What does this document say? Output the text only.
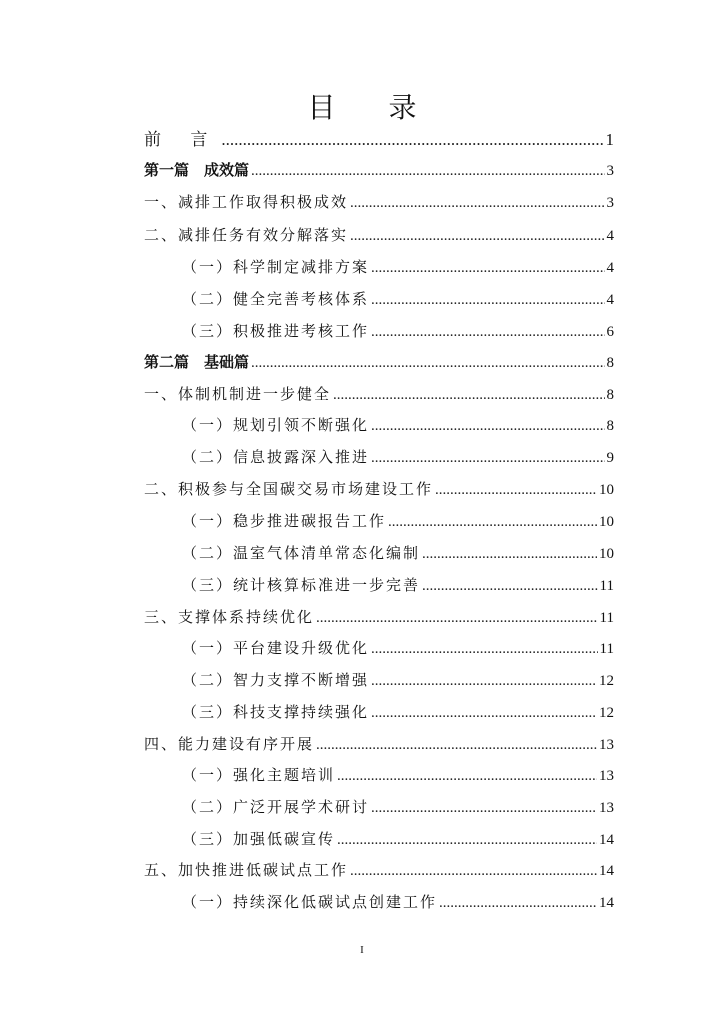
目 录
前 言 .....	1
第一篇　成效篇 .....	3
一、减排工作取得积极成效 .....	3
二、减排任务有效分解落实 .....	4
（一）科学制定减排方案 .....	4
（二）健全完善考核体系 .....	4
（三）积极推进考核工作 .....	6
第二篇　基础篇 .....	8
一、体制机制进一步健全 .....	8
（一）规划引领不断强化 .....	8
（二）信息披露深入推进 .....	9
二、积极参与全国碳交易市场建设工作 .....	10
（一）稳步推进碳报告工作 .....	10
（二）温室气体清单常态化编制 .....	10
（三）统计核算标准进一步完善 .....	11
三、支撑体系持续优化 .....	11
（一）平台建设升级优化 .....	11
（二）智力支撑不断增强 .....	12
（三）科技支撑持续强化 .....	12
四、能力建设有序开展 .....	13
（一）强化主题培训 .....	13
（二）广泛开展学术研讨 .....	13
（三）加强低碳宣传 .....	14
五、加快推进低碳试点工作 .....	14
（一）持续深化低碳试点创建工作 .....	14
I
